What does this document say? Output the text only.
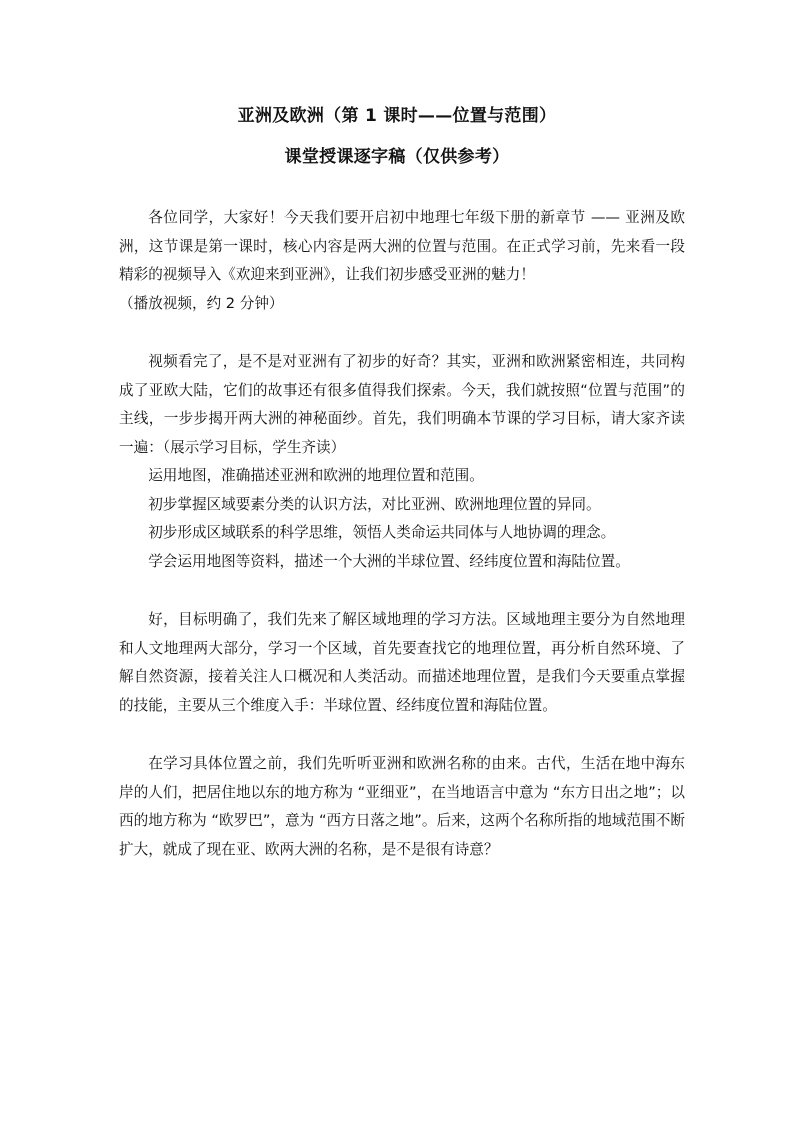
亚洲及欧洲（第 1 课时——位置与范围）
课堂授课逐字稿（仅供参考）

各位同学，大家好！今天我们要开启初中地理七年级下册的新章节 —— 亚洲及欧洲，这节课是第一课时，核心内容是两大洲的位置与范围。在正式学习前，先来看一段精彩的视频导入《欢迎来到亚洲》，让我们初步感受亚洲的魅力！

（播放视频，约 2 分钟）

视频看完了，是不是对亚洲有了初步的好奇？其实，亚洲和欧洲紧密相连，共同构成了亚欧大陆，它们的故事还有很多值得我们探索。今天，我们就按照“位置与范围”的主线，一步步揭开两大洲的神秘面纱。首先，我们明确本节课的学习目标，请大家齐读一遍：（展示学习目标，学生齐读）

运用地图，准确描述亚洲和欧洲的地理位置和范围。

初步掌握区域要素分类的认识方法，对比亚洲、欧洲地理位置的异同。

初步形成区域联系的科学思维，领悟人类命运共同体与人地协调的理念。

学会运用地图等资料，描述一个大洲的半球位置、经纬度位置和海陆位置。

好，目标明确了，我们先来了解区域地理的学习方法。区域地理主要分为自然地理和人文地理两大部分，学习一个区域，首先要查找它的地理位置，再分析自然环境、了解自然资源，接着关注人口概况和人类活动。而描述地理位置，是我们今天要重点掌握的技能，主要从三个维度入手：半球位置、经纬度位置和海陆位置。

在学习具体位置之前，我们先听听亚洲和欧洲名称的由来。古代，生活在地中海东岸的人们，把居住地以东的地方称为 “亚细亚”，在当地语言中意为 “东方日出之地”；以西的地方称为 “欧罗巴”，意为 “西方日落之地”。后来，这两个名称所指的地域范围不断扩大，就成了现在亚、欧两大洲的名称，是不是很有诗意？
